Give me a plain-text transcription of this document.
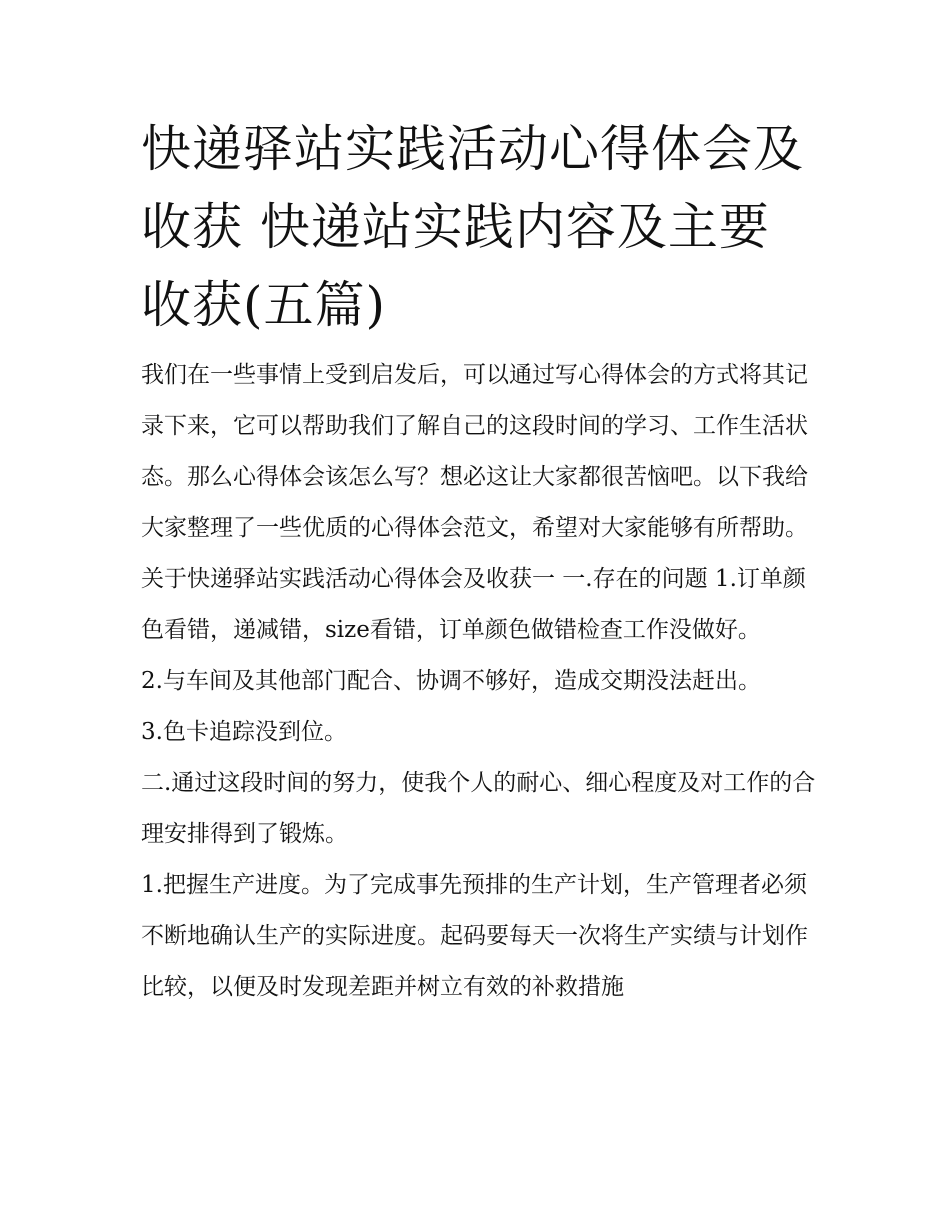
快递驿站实践活动心得体会及收获 快递站实践内容及主要收获(五篇)

我们在一些事情上受到启发后，可以通过写心得体会的方式将其记录下来，它可以帮助我们了解自己的这段时间的学习、工作生活状态。那么心得体会该怎么写？想必这让大家都很苦恼吧。以下我给大家整理了一些优质的心得体会范文，希望对大家能够有所帮助。

关于快递驿站实践活动心得体会及收获一 一.存在的问题 1.订单颜色看错，递减错，size看错，订单颜色做错检查工作没做好。

2.与车间及其他部门配合、协调不够好，造成交期没法赶出。

3.色卡追踪没到位。

二.通过这段时间的努力，使我个人的耐心、细心程度及对工作的合理安排得到了锻炼。

1.把握生产进度。为了完成事先预排的生产计划，生产管理者必须不断地确认生产的实际进度。起码要每天一次将生产实绩与计划作比较，以便及时发现差距并树立有效的补救措施
